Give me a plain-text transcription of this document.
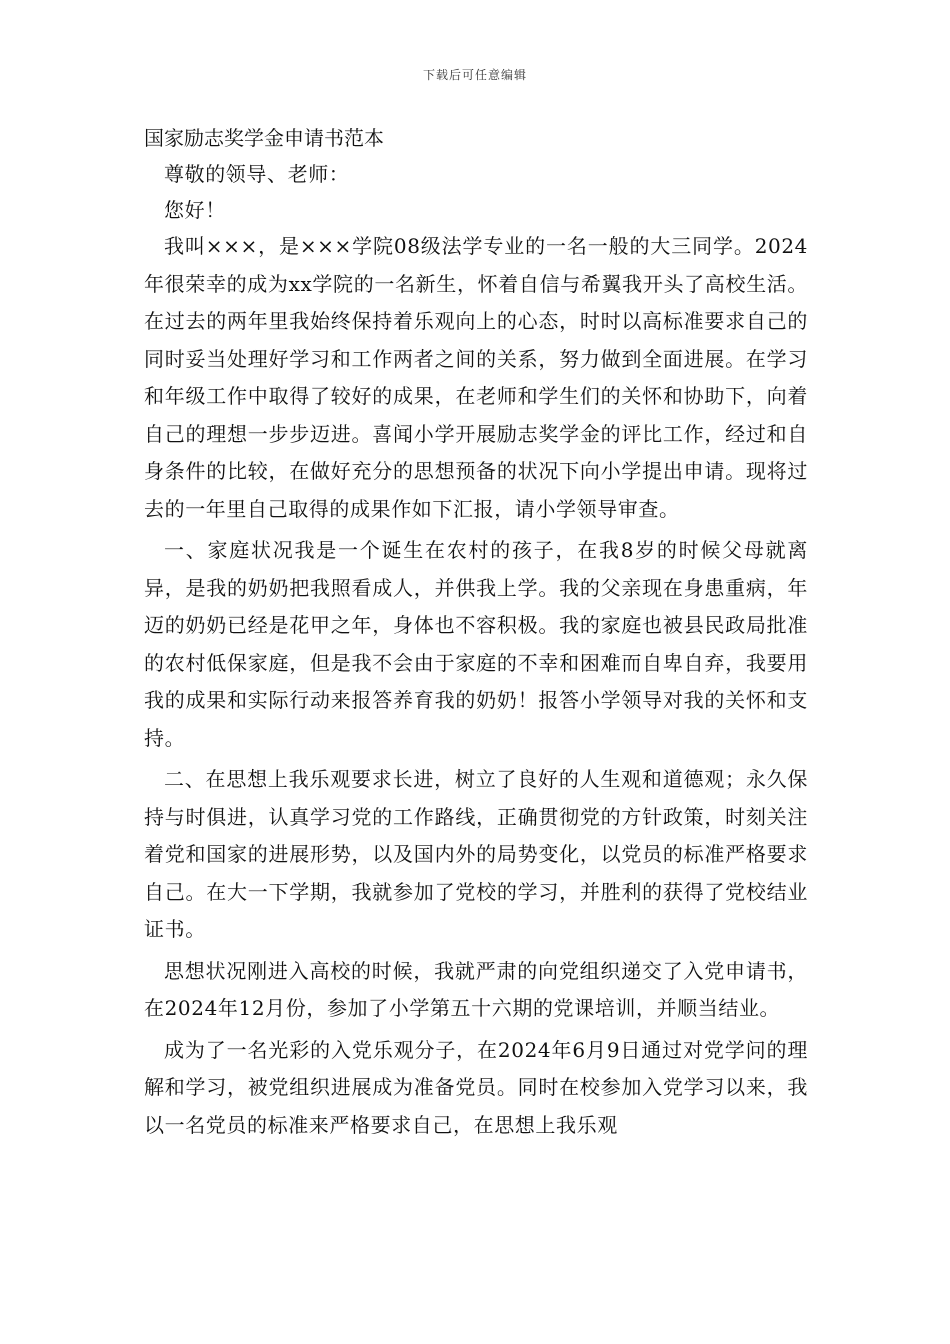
下载后可任意编辑
国家励志奖学金申请书范本

尊敬的领导、老师：

您好！

我叫×××，是×××学院08级法学专业的一名一般的大三同学。2024年很荣幸的成为xx学院的一名新生，怀着自信与希翼我开头了高校生活。在过去的两年里我始终保持着乐观向上的心态，时时以高标准要求自己的同时妥当处理好学习和工作两者之间的关系，努力做到全面进展。在学习和年级工作中取得了较好的成果，在老师和学生们的关怀和协助下，向着自己的理想一步步迈进。喜闻小学开展励志奖学金的评比工作，经过和自身条件的比较，在做好充分的思想预备的状况下向小学提出申请。现将过去的一年里自己取得的成果作如下汇报，请小学领导审查。

一、家庭状况我是一个诞生在农村的孩子，在我8岁的时候父母就离异，是我的奶奶把我照看成人，并供我上学。我的父亲现在身患重病，年迈的奶奶已经是花甲之年，身体也不容积极。我的家庭也被县民政局批准的农村低保家庭，但是我不会由于家庭的不幸和困难而自卑自弃，我要用我的成果和实际行动来报答养育我的奶奶！报答小学领导对我的关怀和支持。

二、在思想上我乐观要求长进，树立了良好的人生观和道德观；永久保持与时俱进，认真学习党的工作路线，正确贯彻党的方针政策，时刻关注着党和国家的进展形势，以及国内外的局势变化，以党员的标准严格要求自己。在大一下学期，我就参加了党校的学习，并胜利的获得了党校结业证书。

思想状况刚进入高校的时候，我就严肃的向党组织递交了入党申请书，在2024年12月份，参加了小学第五十六期的党课培训，并顺当结业。

成为了一名光彩的入党乐观分子，在2024年6月9日通过对党学问的理解和学习，被党组织进展成为准备党员。同时在校参加入党学习以来，我以一名党员的标准来严格要求自己，在思想上我乐观
